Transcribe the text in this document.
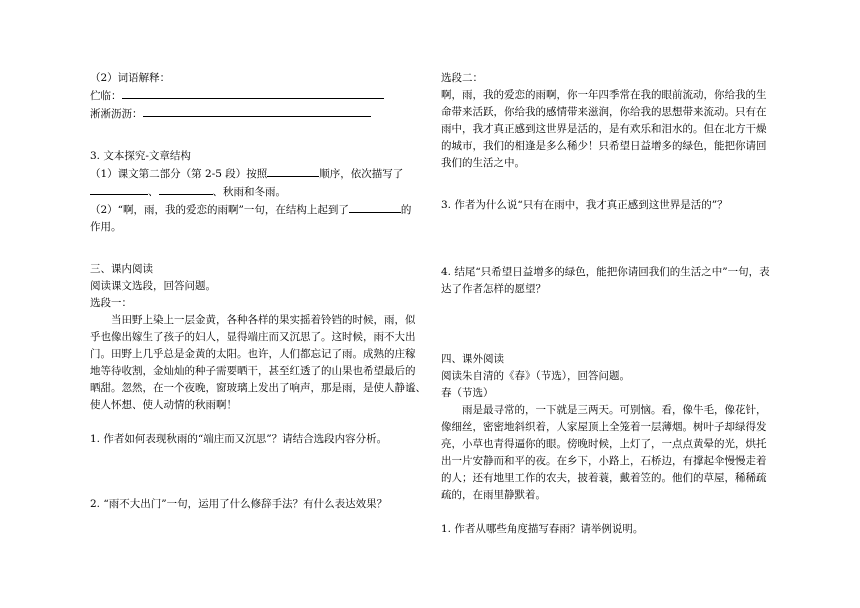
（2）词语解释：
伫临：
淅淅沥沥：
3. 文本探究-文章结构
（1）课文第二部分（第 2-5 段）按照	顺序，依次描写了
、	、秋雨和冬雨。
（2）“啊，雨，我的爱恋的雨啊”一句，在结构上起到了	的
作用。
三、课内阅读
阅读课文选段，回答问题。
选段一：
　　当田野上染上一层金黄，各种各样的果实摇着铃铛的时候，雨，似
乎也像出嫁生了孩子的妇人，显得端庄而又沉思了。这时候，雨不大出
门。田野上几乎总是金黄的太阳。也许，人们都忘记了雨。成熟的庄稼
地等待收割，金灿灿的种子需要晒干，甚至红透了的山果也希望最后的
晒甜。忽然，在一个夜晚，窗玻璃上发出了响声，那是雨，是使人静谧、
使人怀想、使人动情的秋雨啊！
1. 作者如何表现秋雨的“端庄而又沉思”？请结合选段内容分析。
2. “雨不大出门”一句，运用了什么修辞手法？有什么表达效果？
选段二：
啊，雨，我的爱恋的雨啊，你一年四季常在我的眼前流动，你给我的生
命带来活跃，你给我的感情带来滋润，你给我的思想带来流动。只有在
雨中，我才真正感到这世界是活的，是有欢乐和泪水的。但在北方干燥
的城市，我们的相逢是多么稀少！只希望日益增多的绿色，能把你请回
我们的生活之中。
3. 作者为什么说“只有在雨中，我才真正感到这世界是活的”？
4. 结尾“只希望日益增多的绿色，能把你请回我们的生活之中”一句，表
达了作者怎样的愿望？
四、课外阅读
阅读朱自清的《春》（节选），回答问题。
春（节选）
　　雨是最寻常的，一下就是三两天。可别恼。看，像牛毛，像花针，
像细丝，密密地斜织着，人家屋顶上全笼着一层薄烟。树叶子却绿得发
亮，小草也青得逼你的眼。傍晚时候，上灯了，一点点黄晕的光，烘托
出一片安静而和平的夜。在乡下，小路上，石桥边，有撑起伞慢慢走着
的人；还有地里工作的农夫，披着蓑，戴着笠的。他们的草屋，稀稀疏
疏的，在雨里静默着。
1. 作者从哪些角度描写春雨？请举例说明。
